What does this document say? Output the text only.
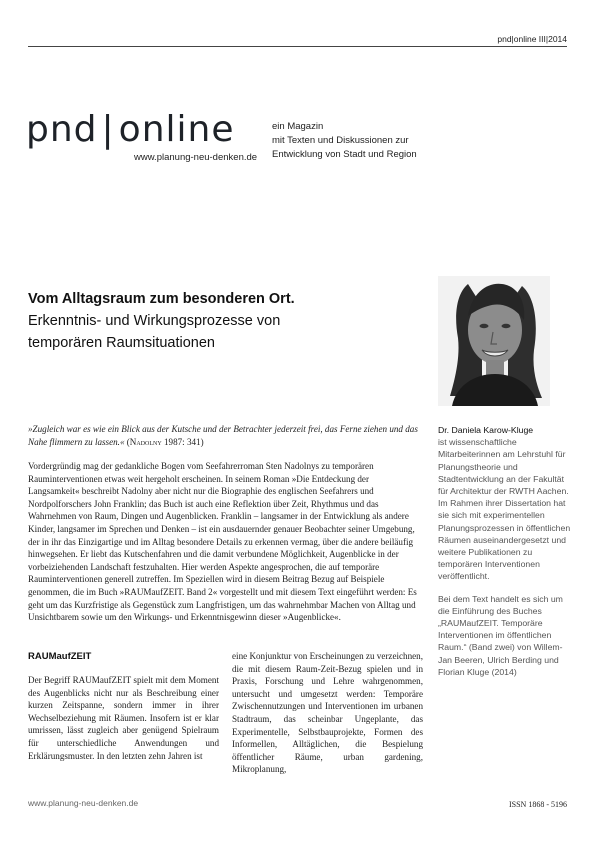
pnd|online III|2014
pnd | online
www.planung-neu-denken.de
ein Magazin
mit Texten und Diskussionen zur
Entwicklung von Stadt und Region
Vom Alltagsraum zum besonderen Ort.
Erkenntnis- und Wirkungsprozesse von
temporären Raumsituationen
»Zugleich war es wie ein Blick aus der Kutsche und der Betrachter jederzeit frei, das Ferne ziehen und das Nahe flimmern zu lassen.« (Nadolny 1987: 341)
Vordergründig mag der gedankliche Bogen vom Seefahrerroman Sten Nadolnys zu temporären Rauminterventionen etwas weit hergeholt erscheinen. In seinem Roman »Die Entdeckung der Langsamkeit« beschreibt Nadolny aber nicht nur die Biographie des englischen Seefahrers und Nordpolforschers John Franklin; das Buch ist auch eine Reflektion über Zeit, Rhythmus und das Wahrnehmen von Raum, Dingen und Augenblicken. Franklin – langsamer in der Entwicklung als andere Kinder, langsamer im Sprechen und Denken – ist ein ausdauernder genauer Beobachter seiner Umgebung, der in ihr das Einzigartige und im Alltag besondere Details zu erkennen vermag, über die andere beiläufig hinwegsehen. Er liebt das Kutschenfahren und die damit verbundene Möglichkeit, Augenblicke in der vorbeiziehenden Landschaft festzuhalten. Hier werden Aspekte angesprochen, die auf temporäre Rauminterventionen generell zutreffen. Im Speziellen wird in diesem Beitrag Bezug auf Beispiele genommen, die im Buch »RAUMaufZEIT. Band 2« vorgestellt und mit diesem Text eingeführt werden: Es geht um das Kurzfristige als Gegenstück zum Langfristigen, um das wahrnehmbar Machen von Alltag und Unsichtbarem sowie um den Wirkungs- und Erkenntnisgewinn dieser »Augenblicke«.
RAUMaufZEIT
Der Begriff RAUMaufZEIT spielt mit dem Moment des Augenblicks nicht nur als Beschreibung einer kurzen Zeitspanne, sondern immer in ihrer Wechselbeziehung mit Räumen. Insofern ist er klar umrissen, lässt zugleich aber genügend Spielraum für unterschiedliche Anwendungen und Erklärungsmuster. In den letzten zehn Jahren ist
eine Konjunktur von Erscheinungen zu verzeichnen, die mit diesem Raum-Zeit-Bezug spielen und in Praxis, Forschung und Lehre wahrgenommen, untersucht und umgesetzt werden: Temporäre Zwischennutzungen und Interventionen im urbanen Stadtraum, das scheinbar Ungeplante, das Experimentelle, Selbstbauprojekte, Formen des Informellen, Alltäglichen, die Bespielung öffentlicher Räume, urban gardening, Mikroplanung,

Dr. Daniela Karow-Kluge
ist wissenschaftliche Mitarbeiterinnen am Lehrstuhl für Planungstheorie und Stadtentwicklung an der Fakultät für Architektur der RWTH Aachen. Im Rahmen ihrer Dissertation hat sie sich mit experimentellen Planungsprozessen in öffentlichen Räumen auseinandergesetzt und weitere Publikationen zu temporären Interventionen veröffentlicht.

Bei dem Text handelt es sich um die Einführung des Buches „RAUMaufZEIT. Temporäre Interventionen im öffentlichen Raum.“ (Band zwei) von Willem-Jan Beeren, Ulrich Berding und Florian Kluge (2014)

www.planung-neu-denken.de	ISSN 1868 - 5196
